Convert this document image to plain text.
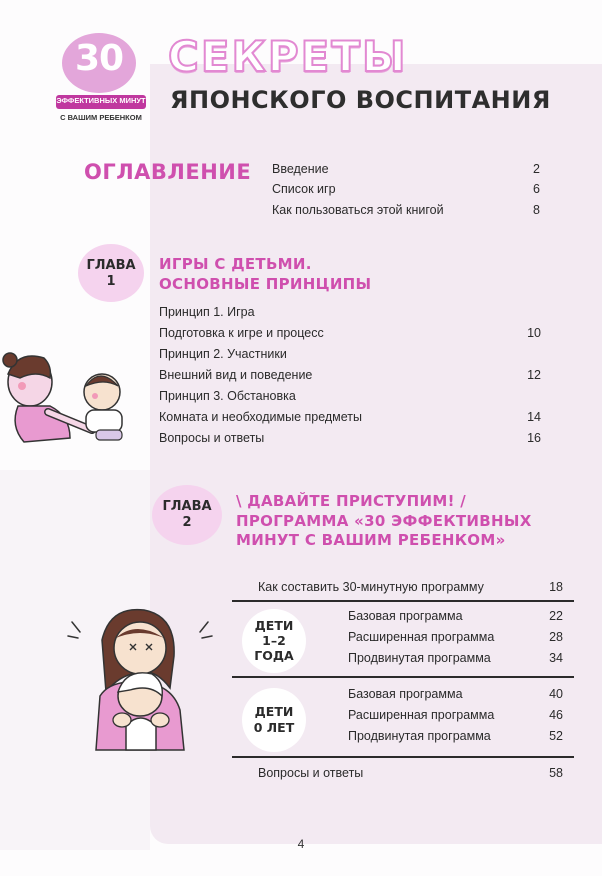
30
ЭФФЕКТИВНЫХ МИНУТ
С ВАШИМ РЕБЕНКОМ
СЕКРЕТЫ
ЯПОНСКОГО ВОСПИТАНИЯ
ОГЛАВЛЕНИЕ Введение	2
Список игр	6
Как пользоваться этой книгой	8
ГЛАВА
1
ИГРЫ С ДЕТЬМИ.
ОСНОВНЫЕ ПРИНЦИПЫ
Принцип 1. Игра
Подготовка к игре и процесс	10
Принцип 2. Участники
Внешний вид и поведение	12
Принцип 3. Обстановка
Комната и необходимые предметы	14
Вопросы и ответы	16
ГЛАВА
2
\ ДАВАЙТЕ ПРИСТУПИМ! /
ПРОГРАММА «30 ЭФФЕКТИВНЫХ
МИНУТ С ВАШИМ РЕБЕНКОМ»
Как составить 30-минутную программу	18
ДЕТИ
1–2
ГОДА
Базовая программа	22
Расширенная программа	28
Продвинутая программа	34
ДЕТИ
0 ЛЕТ
Базовая программа	40
Расширенная программа	46
Продвинутая программа	52
Вопросы и ответы	58
4
